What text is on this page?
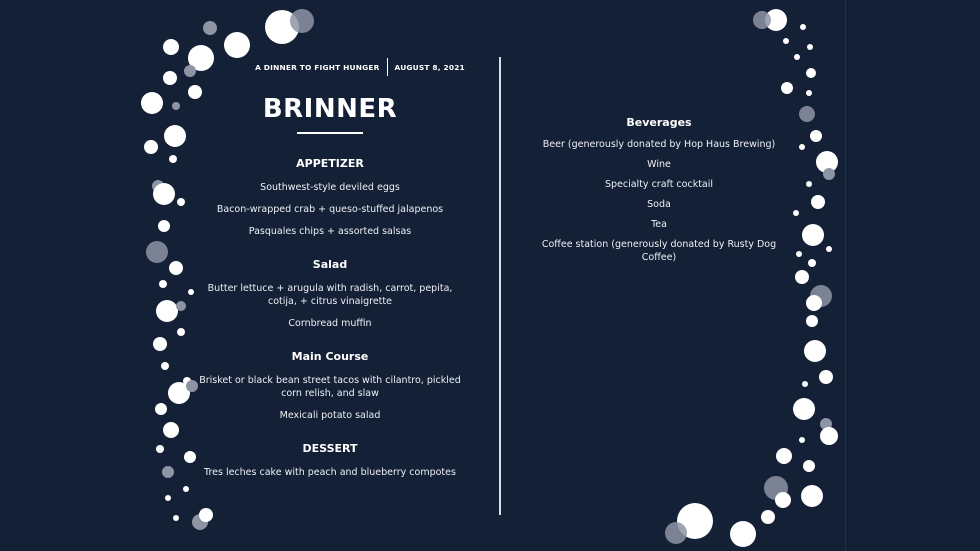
A DINNER TO FIGHT HUNGER AUGUST 8, 2021
BRINNER
APPETIZER
Southwest-style deviled eggs
Bacon-wrapped crab + queso-stuffed jalapenos
Pasquales chips + assorted salsas
Salad
Butter lettuce + arugula with radish, carrot, pepita, cotija, + citrus vinaigrette
Cornbread muffin
Main Course
Brisket or black bean street tacos with cilantro, pickled corn relish, and slaw
Mexicali potato salad
DESSERT
Tres leches cake with peach and blueberry compotes
Beverages
Beer (generously donated by Hop Haus Brewing)
Wine
Specialty craft cocktail
Soda
Tea
Coffee station (generously donated by Rusty Dog Coffee)
